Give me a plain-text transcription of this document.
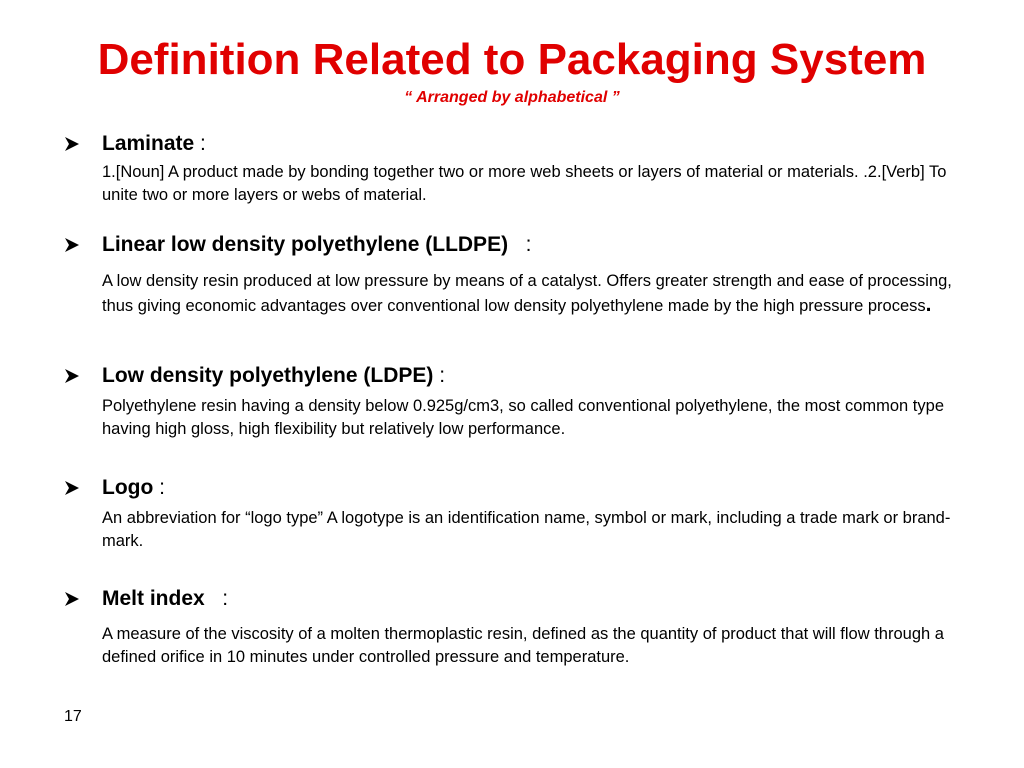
Definition Related to Packaging System
“ Arranged by alphabetical ”
Laminate :
1.[Noun] A product made by bonding together two or more web sheets or layers of material or materials. .2.[Verb] To unite two or more layers or webs of material.
Linear low density polyethylene (LLDPE)   :
A low density resin produced at low pressure by means of a catalyst. Offers greater strength and ease of processing, thus giving economic advantages over conventional low density polyethylene made by the high pressure process.
Low density polyethylene (LDPE) :
Polyethylene resin having a density below 0.925g/cm3, so called conventional polyethylene, the most common type having high gloss, high flexibility but relatively low performance.
Logo :
An abbreviation for “logo type” A logotype is an identification name, symbol or mark, including a trade mark or brand-mark.
Melt index   :
A measure of the viscosity of a molten thermoplastic resin, defined as the quantity of product that will flow through a defined orifice in 10 minutes under controlled pressure and temperature.
17
